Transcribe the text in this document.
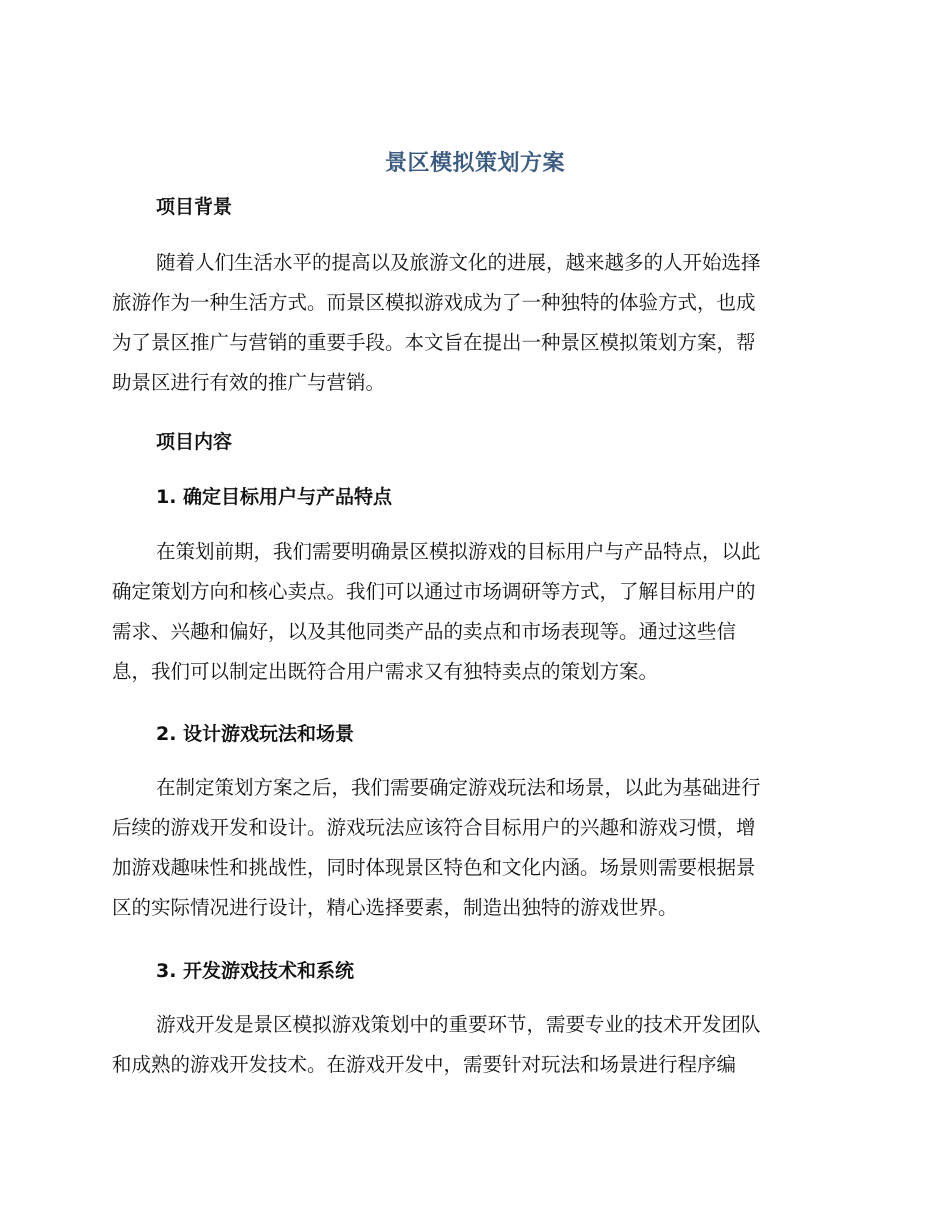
景区模拟策划方案
项目背景
随着人们生活水平的提高以及旅游文化的进展，越来越多的人开始选择
旅游作为一种生活方式。而景区模拟游戏成为了一种独特的体验方式，也成
为了景区推广与营销的重要手段。本文旨在提出一种景区模拟策划方案，帮
助景区进行有效的推广与营销。
项目内容
1. 确定目标用户与产品特点
在策划前期，我们需要明确景区模拟游戏的目标用户与产品特点，以此
确定策划方向和核心卖点。我们可以通过市场调研等方式，了解目标用户的
需求、兴趣和偏好，以及其他同类产品的卖点和市场表现等。通过这些信
息，我们可以制定出既符合用户需求又有独特卖点的策划方案。
2. 设计游戏玩法和场景
在制定策划方案之后，我们需要确定游戏玩法和场景，以此为基础进行
后续的游戏开发和设计。游戏玩法应该符合目标用户的兴趣和游戏习惯，增
加游戏趣味性和挑战性，同时体现景区特色和文化内涵。场景则需要根据景
区的实际情况进行设计，精心选择要素，制造出独特的游戏世界。
3. 开发游戏技术和系统
游戏开发是景区模拟游戏策划中的重要环节，需要专业的技术开发团队
和成熟的游戏开发技术。在游戏开发中，需要针对玩法和场景进行程序编
